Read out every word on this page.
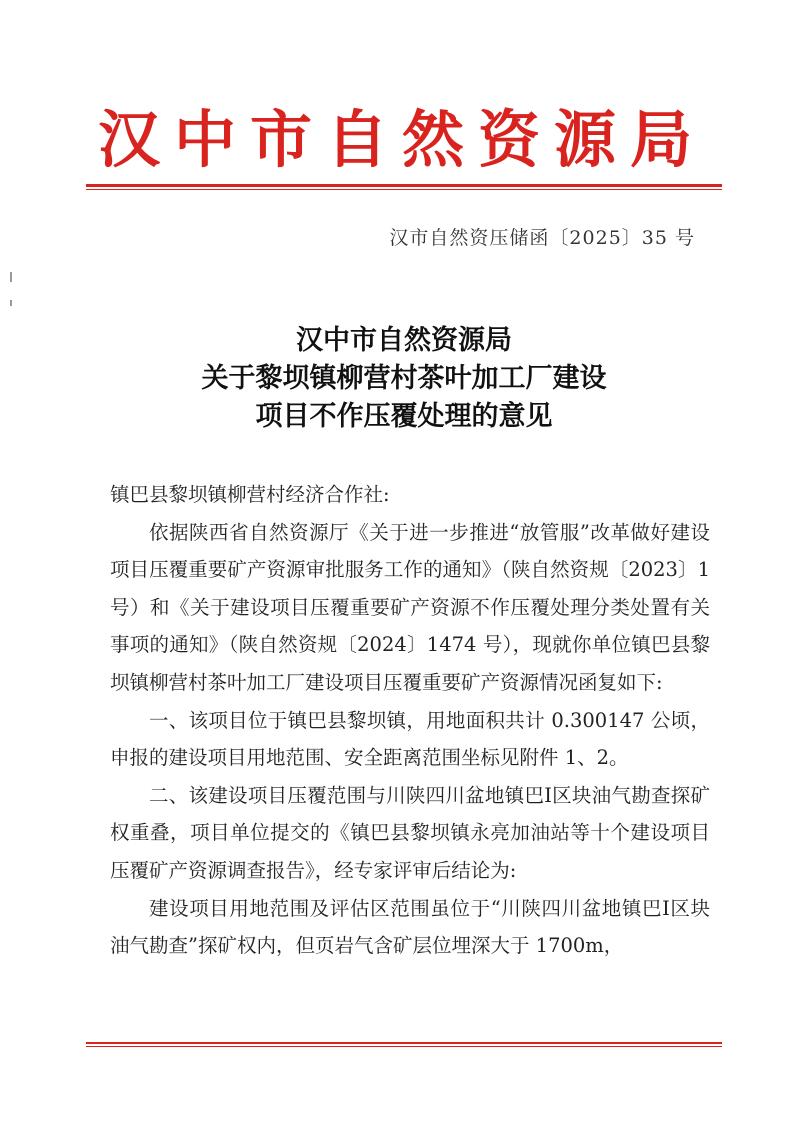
汉中市自然资源局
汉市自然资压储函〔2025〕35 号
汉中市自然资源局
关于黎坝镇柳营村茶叶加工厂建设
项目不作压覆处理的意见

镇巴县黎坝镇柳营村经济合作社:

依据陕西省自然资源厅《关于进一步推进“放管服”改革做好建设项目压覆重要矿产资源审批服务工作的通知》（陕自然资规〔2023〕1 号）和《关于建设项目压覆重要矿产资源不作压覆处理分类处置有关事项的通知》（陕自然资规〔2024〕1474 号），现就你单位镇巴县黎坝镇柳营村茶叶加工厂建设项目压覆重要矿产资源情况函复如下:

一、该项目位于镇巴县黎坝镇，用地面积共计 0.300147 公顷，申报的建设项目用地范围、安全距离范围坐标见附件 1、2。

二、该建设项目压覆范围与川陕四川盆地镇巴Ⅰ区块油气勘查探矿权重叠，项目单位提交的《镇巴县黎坝镇永亮加油站等十个建设项目压覆矿产资源调查报告》，经专家评审后结论为:

建设项目用地范围及评估区范围虽位于“川陕四川盆地镇巴Ⅰ区块油气勘查”探矿权内，但页岩气含矿层位埋深大于 1700m，
